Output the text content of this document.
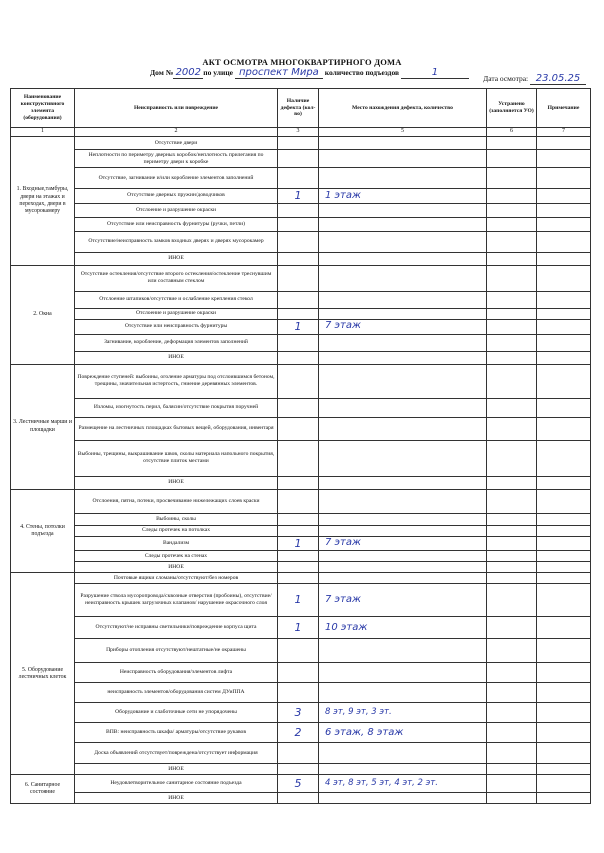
АКТ ОСМОТРА МНОГОКВАРТИРНОГО ДОМА
Дом № 2002 по улице проспект Мира количество подъездов	1
Дата осмотра: 23.05.25
Наименование конструктивного элемента (оборудования)	Неисправность или повреждение	Наличие дефекта (кол-во)	Место нахождения дефекта, количество	Устранено (заполняется УО)	Примечание
1	2	3	5	6	7
1. Входные,тамбуры, двери на этажах и переходах, двери в мусорокамеру	Отсутствие двери				
	Неплотности по периметру дверных коробок/неплотность прилегания по периметру двери к коробке				
	Отсутствие, загнивание и/или коробление элементов заполнений				
	Отсутствие дверных пружин/доводчиков	1	1 этаж		
	Отслоение и разрушение окраски				
	Отсутствие или неисправность фурнитуры (ручки, петли)				
	Отсутствие/неисправность замков входных дверях и дверях мусорокамер				
	ИНОЕ				
2. Окна	Отсутствие остекления/отсутствие второго остекления/остекление треснувшим или составным стеклом				
	Отслоение штапиков/отсутствие и ослабление крепления стекол				
	Отслоение и разрушение окраски				
	Отсутствие или неисправность фурнитуры	1	7 этаж		
	Загнивание, коробление, деформация элементов заполнений				
	ИНОЕ				
3. Лестничные марши и площадки	Повреждение ступеней: выбоины, оголение арматуры под отслоившимся бетоном, трещины, значительная истертость, гниение деревянных элементов.				
	Изломы, изогнутость перил, балясин/отсутствие покрытия поручней				
	Размещение на лестничных площадках бытовых вещей, оборудования, инвентаря				
	Выбоины, трещины, выкрашивание швов, сколы материала напольного покрытия, отсутствие плиток местами				
	ИНОЕ				
4. Стены, потолки подъезда	Отслоения, пятна, потеки, просвечивание нижележащих слоев краски				
	Выбоины, сколы				
	Следы протечек на потолках				
	Вандализм	1	7 этаж		
	Следы протечек на стенах				
	ИНОЕ				
5. Оборудование лестничных клеток	Почтовые ящики сломаны/отсутствуют/без номеров				
	Разрушение ствола мусоропровода/сквозные отверстия (пробоины), отсутствие/неисправность крышек загрузочных клапанов/ нарушение окрасочного слоя	1	7 этаж		
	Отсутствуют/не исправны светильники/повреждение корпуса щита	1	10 этаж		
	Приборы отопления отсутствуют/нештатные/не окрашены				
	Неисправность оборудования/элементов лифта				
	неисправность элементов/оборудования систем ДУиППА				
	Оборудование и слаботочные сети не упорядочены	3	8 эт, 9 эт, 3 эт.		
	ВПВ: неисправность шкафа/ арматуры/отсутствие рукавов	2	6 этаж, 8 этаж		
	Доска объявлений отсутствует/повреждена/отсутствует информация				
	ИНОЕ				
6. Санитарное состояние	Неудовлетворительное санитарное состояние подъезда	5	4 эт, 8 эт, 5 эт, 4 эт, 2 эт.		
	ИНОЕ				
